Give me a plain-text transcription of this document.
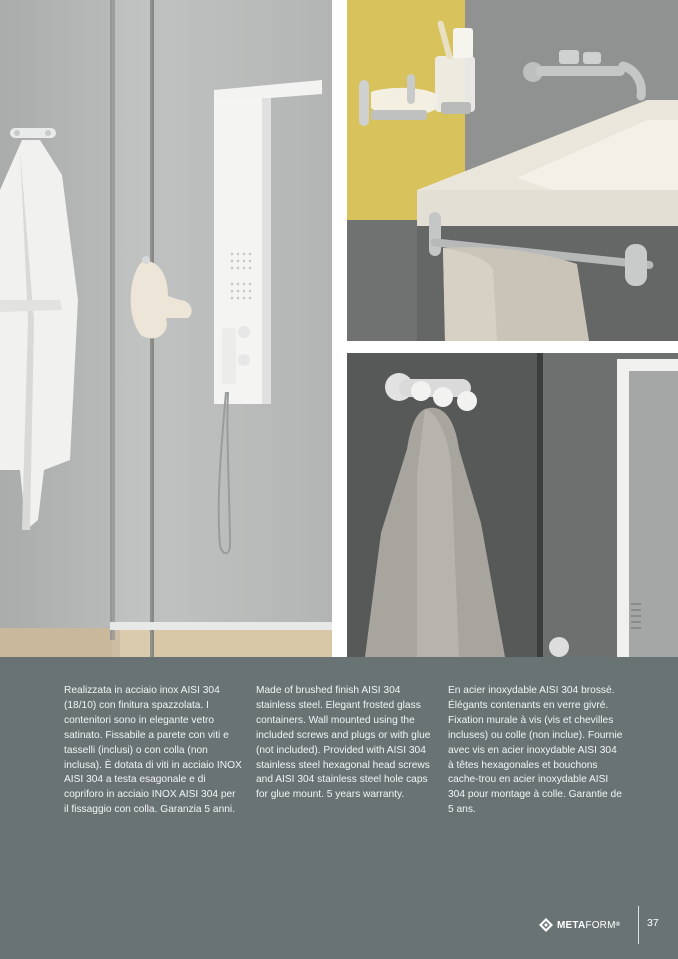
Realizzata in acciaio inox AISI 304 (18/10) con finitura spazzolata. I contenitori sono in elegante vetro satinato. Fissabile a parete con viti e tasselli (inclusi) o con colla (non inclusa). È dotata di viti in acciaio INOX AISI 304 a testa esagonale e di copriforo in acciaio INOX AISI 304 per il fissaggio con colla. Garanzia 5 anni.
Made of brushed finish AISI 304 stainless steel. Elegant frosted glass containers. Wall mounted using the included screws and plugs or with glue (not included). Provided with AISI 304 stainless steel hexagonal head screws and AISI 304 stainless steel hole caps for glue mount. 5 years warranty.
En acier inoxydable AISI 304 brossé. Élégants contenants en verre givré. Fixation murale à vis (vis et chevilles incluses) ou colle (non inclue). Fournie avec vis en acier inoxydable AISI 304 à têtes hexagonales et bouchons cache-trou en acier inoxydable AISI 304 pour montage à colle. Garantie de 5 ans.
META FORM ®	37
